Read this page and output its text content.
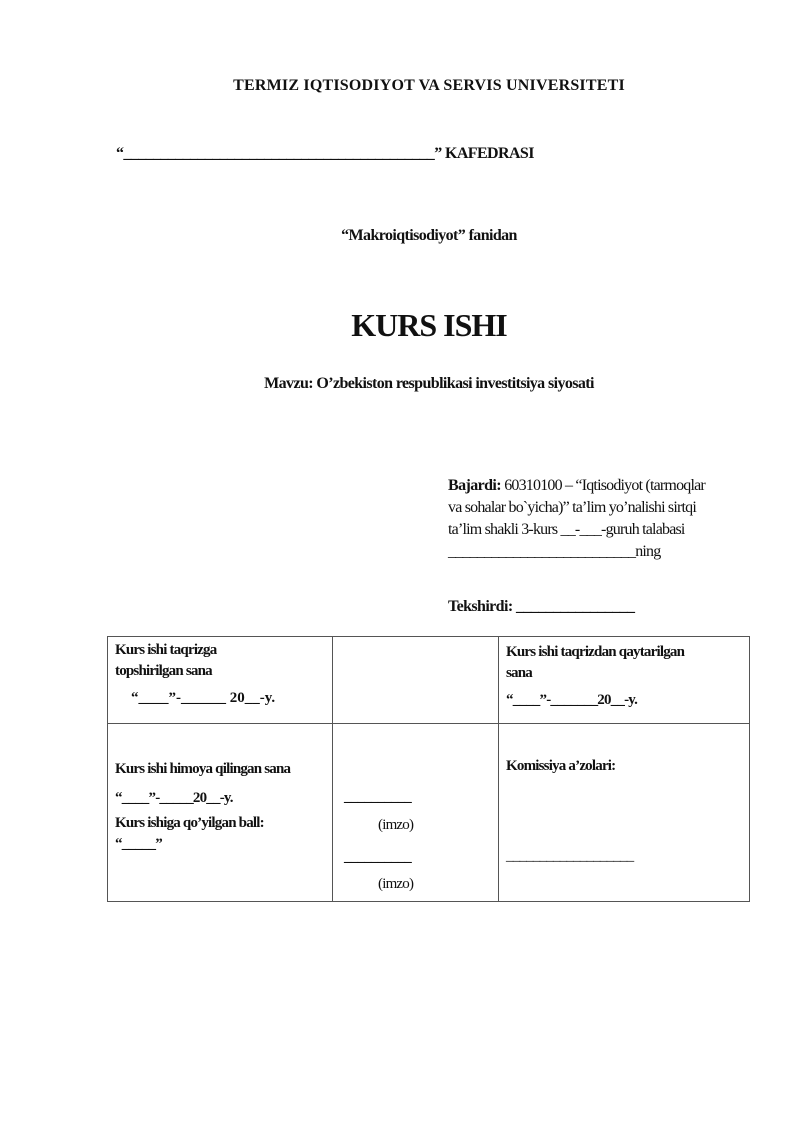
TERMIZ IQTISODIYOT VA SERVIS UNIVERSITETI
“__________________________________________” KAFEDRASI
“Makroiqtisodiyot” fanidan
KURS ISHI
Mavzu: O’zbekiston respublikasi investitsiya siyosati
Bajardi: 60310100 – “Iqtisodiyot (tarmoqlar
va sohalar bo`yicha)” ta’lim yo’nalishi sirtqi
ta’lim shakli 3-kurs __-___-guruh talabasi
__________________________ning
Tekshirdi: ________________
Kurs ishi taqrizga
topshirilgan sana
“____”-______ 20__-y.
Kurs ishi taqrizdan qaytarilgan
sana
“____”-_______20__-y.
Kurs ishi himoya qilingan sana
“____”-_____20__-y.
Kurs ishiga qo’yilgan ball:
“_____”
__________
(imzo)
__________
(imzo)
Komissiya a’zolari:
___________________
